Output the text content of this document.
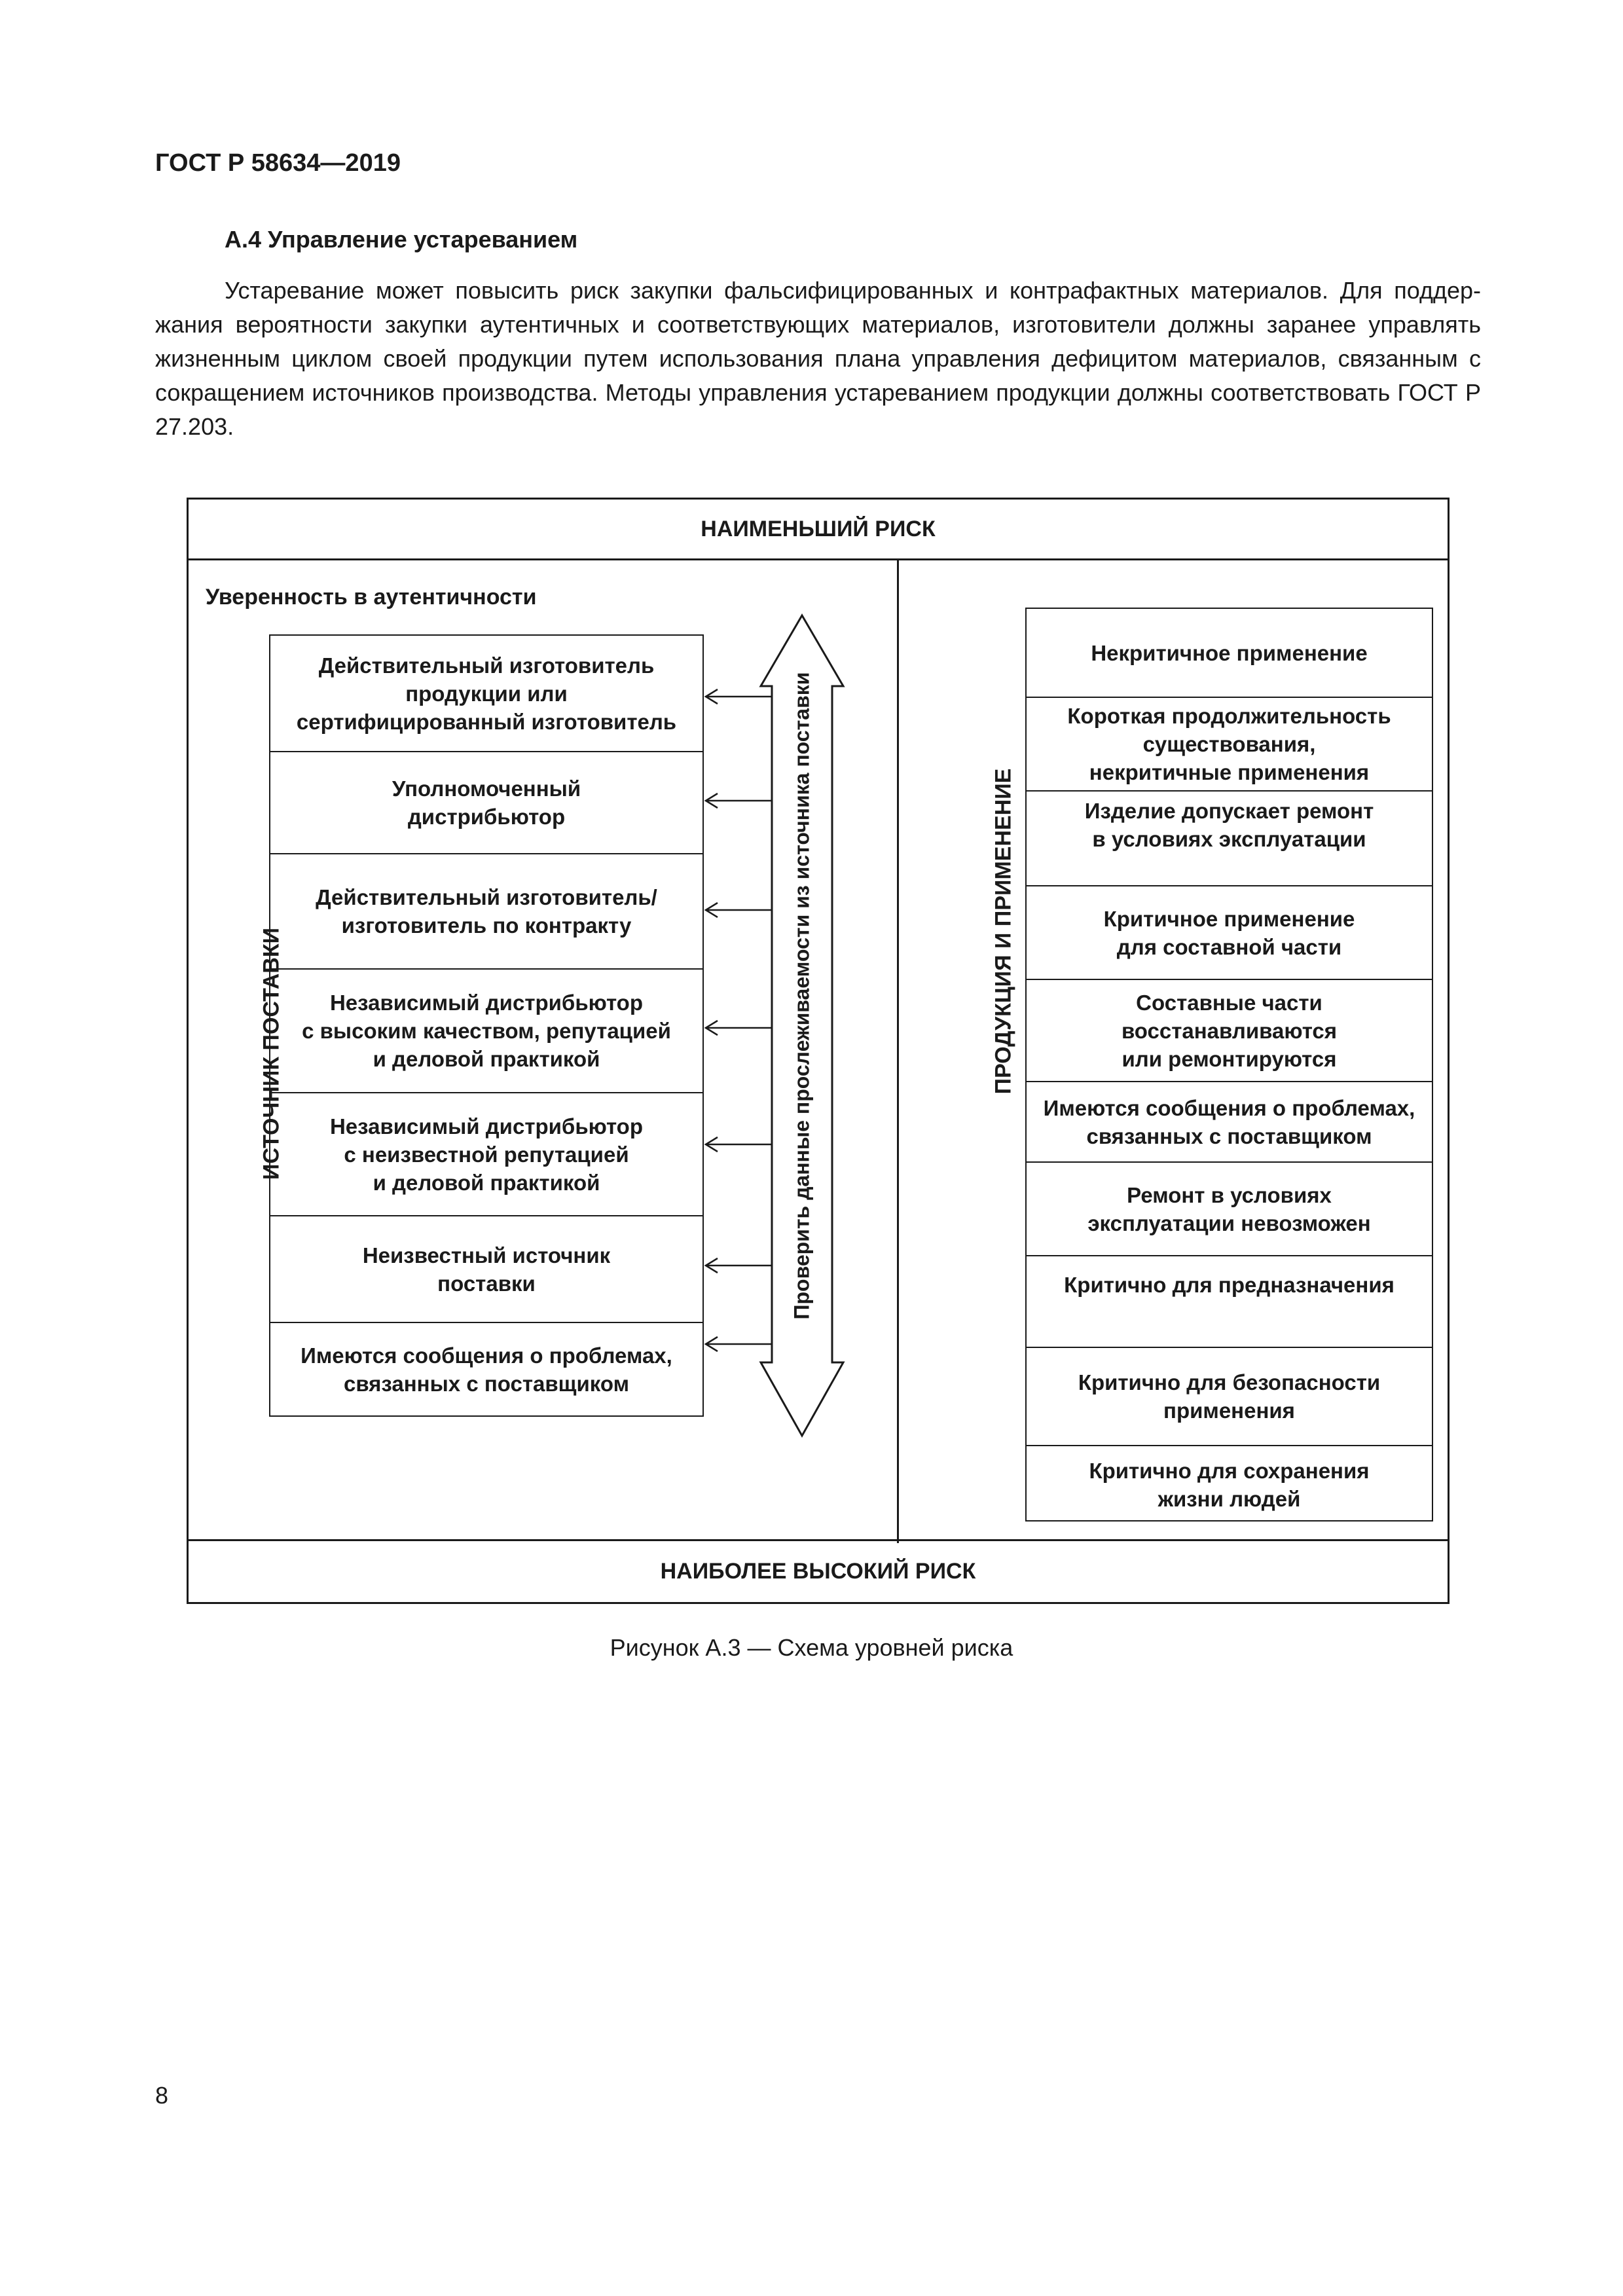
ГОСТ Р 58634—2019
А.4 Управление устареванием
Устаревание может повысить риск закупки фальсифицированных и контрафактных материалов. Для поддер-жания вероятности закупки аутентичных и соответствующих материалов, изготовители должны заранее управлять жизненным циклом своей продукции путем использования плана управления дефицитом материалов, связанным с сокращением источников производства. Методы управления устареванием продукции должны соответствовать ГОСТ Р 27.203.
НАИМЕНЬШИЙ РИСК
НАИБОЛЕЕ ВЫСОКИЙ РИСК
Уверенность в аутентичности
ИСТОЧНИК ПОСТАВКИ	ПРОДУКЦИЯ И ПРИМЕНЕНИЕ
Действительный изготовитель
продукции или
сертифицированный изготовитель
Уполномоченный
дистрибьютор
Действительный изготовитель/
изготовитель по контракту
Независимый дистрибьютор
с высоким качеством, репутацией
и деловой практикой
Независимый дистрибьютор
с неизвестной репутацией
и деловой практикой
Неизвестный источник
поставки
Имеются сообщения о проблемах,
связанных с поставщиком
Некритичное применение
Короткая продолжительность
существования,
некритичные применения
Изделие допускает ремонт
в условиях эксплуатации
Критичное применение
для составной части
Составные части
восстанавливаются
или ремонтируются
Имеются сообщения о проблемах,
связанных с поставщиком
Ремонт в условиях
эксплуатации невозможен
Критично для предназначения
Критично для безопасности
применения
Критично для сохранения
жизни людей
Проверить данные прослеживаемости из источника поставки
Рисунок А.3 — Схема уровней риска
8
